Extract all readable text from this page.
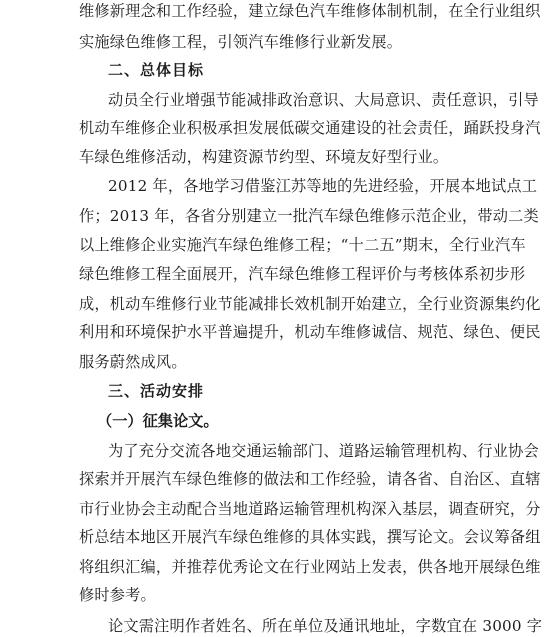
维修新理念和工作经验，建立绿色汽车维修体制机制，在全行业组织
实施绿色维修工程，引领汽车维修行业新发展。
二、总体目标
动员全行业增强节能减排政治意识、大局意识、责任意识，引导
机动车维修企业积极承担发展低碳交通建设的社会责任，踊跃投身汽
车绿色维修活动，构建资源节约型、环境友好型行业。
2012 年，各地学习借鉴江苏等地的先进经验，开展本地试点工
作；2013 年，各省分别建立一批汽车绿色维修示范企业，带动二类
以上维修企业实施汽车绿色维修工程；“十二五”期末，全行业汽车
绿色维修工程全面展开，汽车绿色维修工程评价与考核体系初步形
成，机动车维修行业节能减排长效机制开始建立，全行业资源集约化
利用和环境保护水平普遍提升，机动车维修诚信、规范、绿色、便民
服务蔚然成风。
三、活动安排
（一）征集论文。
为了充分交流各地交通运输部门、道路运输管理机构、行业协会
探索并开展汽车绿色维修的做法和工作经验，请各省、自治区、直辖
市行业协会主动配合当地道路运输管理机构深入基层，调查研究，分
析总结本地区开展汽车绿色维修的具体实践，撰写论文。会议筹备组
将组织汇编，并推荐优秀论文在行业网站上发表，供各地开展绿色维
修时参考。
论文需注明作者姓名、所在单位及通讯地址，字数宜在 3000 字
